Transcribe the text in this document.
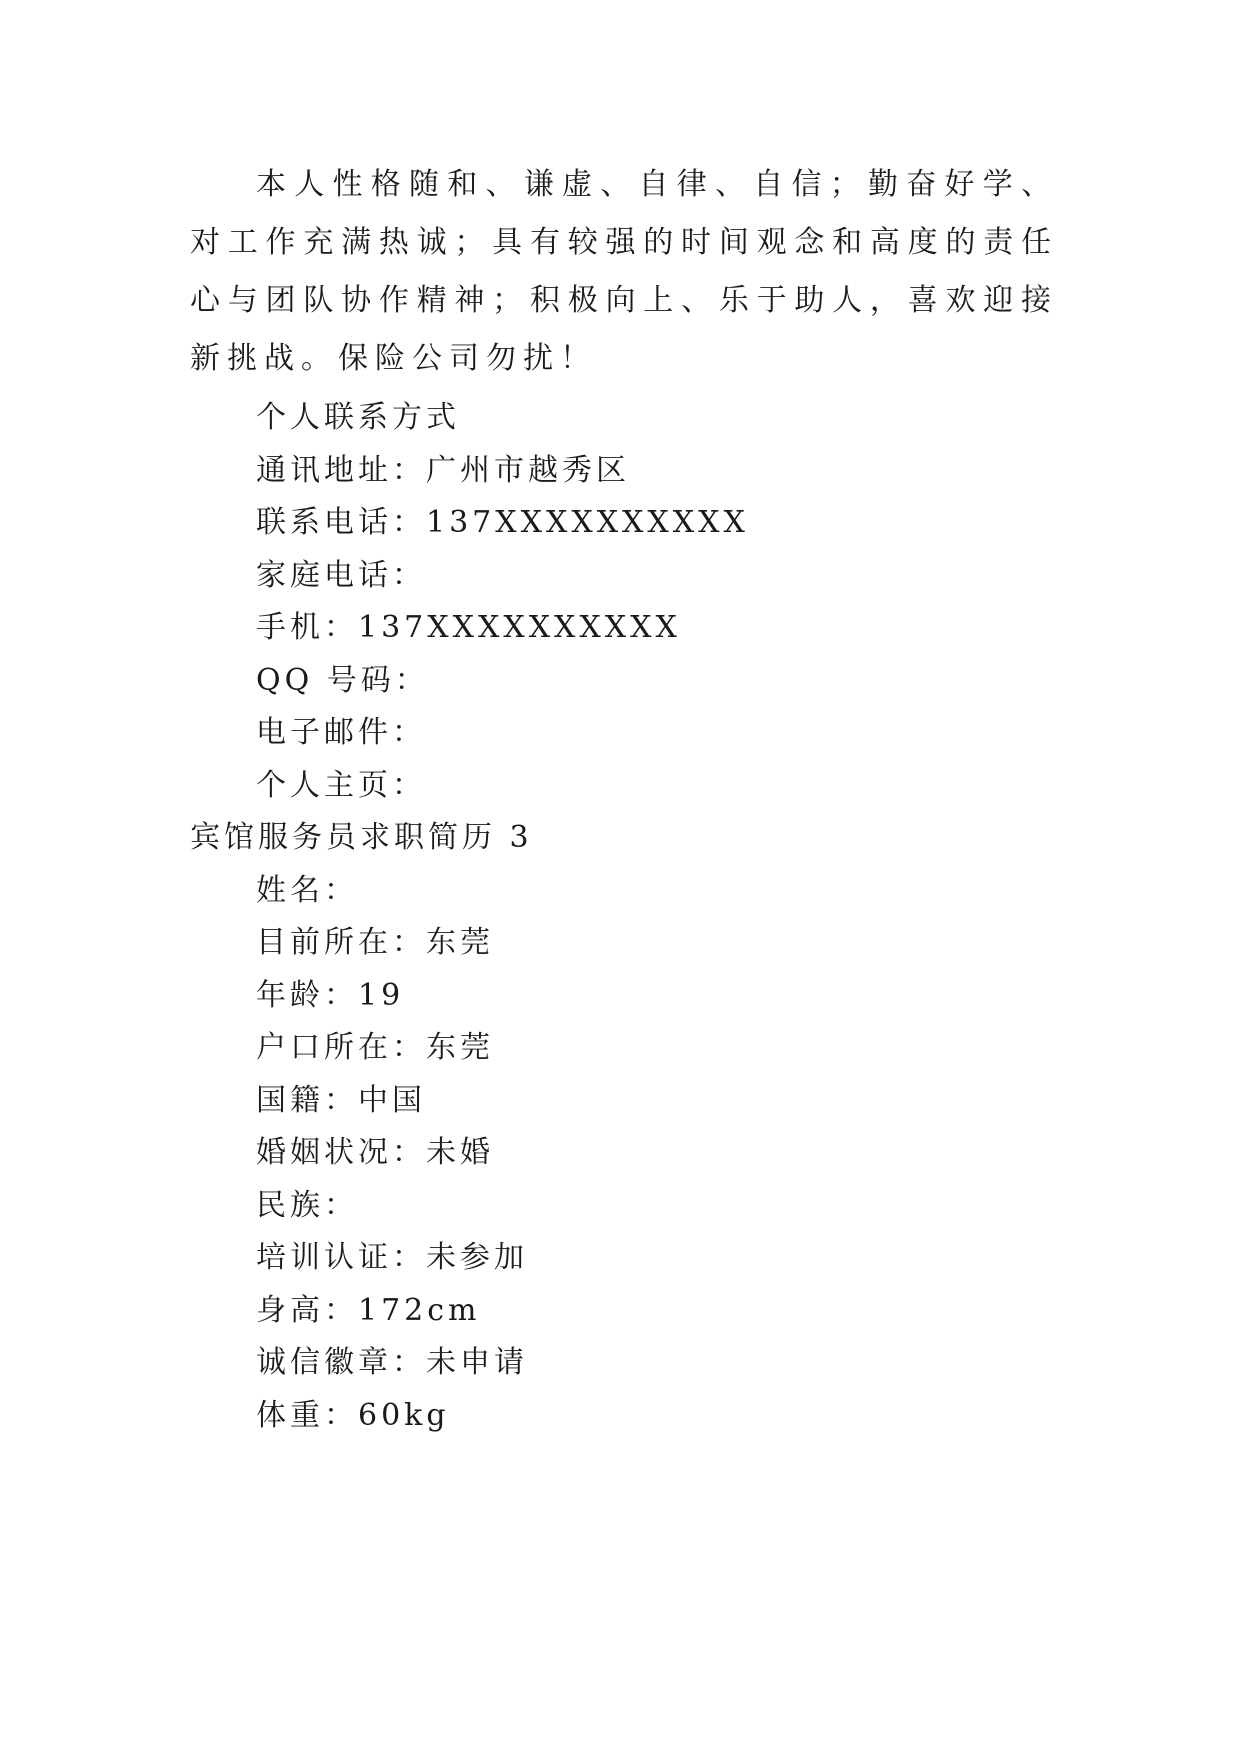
本人性格随和、谦虚、自律、自信；勤奋好学、对工作充满热诚；具有较强的时间观念和高度的责任心与团队协作精神；积极向上、乐于助人，喜欢迎接新挑战。保险公司勿扰！

个人联系方式
通讯地址：广州市越秀区
联系电话：137XXXXXXXXXX
家庭电话：
手机：137XXXXXXXXXX
QQ 号码：
电子邮件：
个人主页：
宾馆服务员求职简历 3
姓名：
目前所在：东莞
年龄：19
户口所在：东莞
国籍：中国
婚姻状况：未婚
民族：
培训认证：未参加
身高：172cm
诚信徽章：未申请
体重：60kg
